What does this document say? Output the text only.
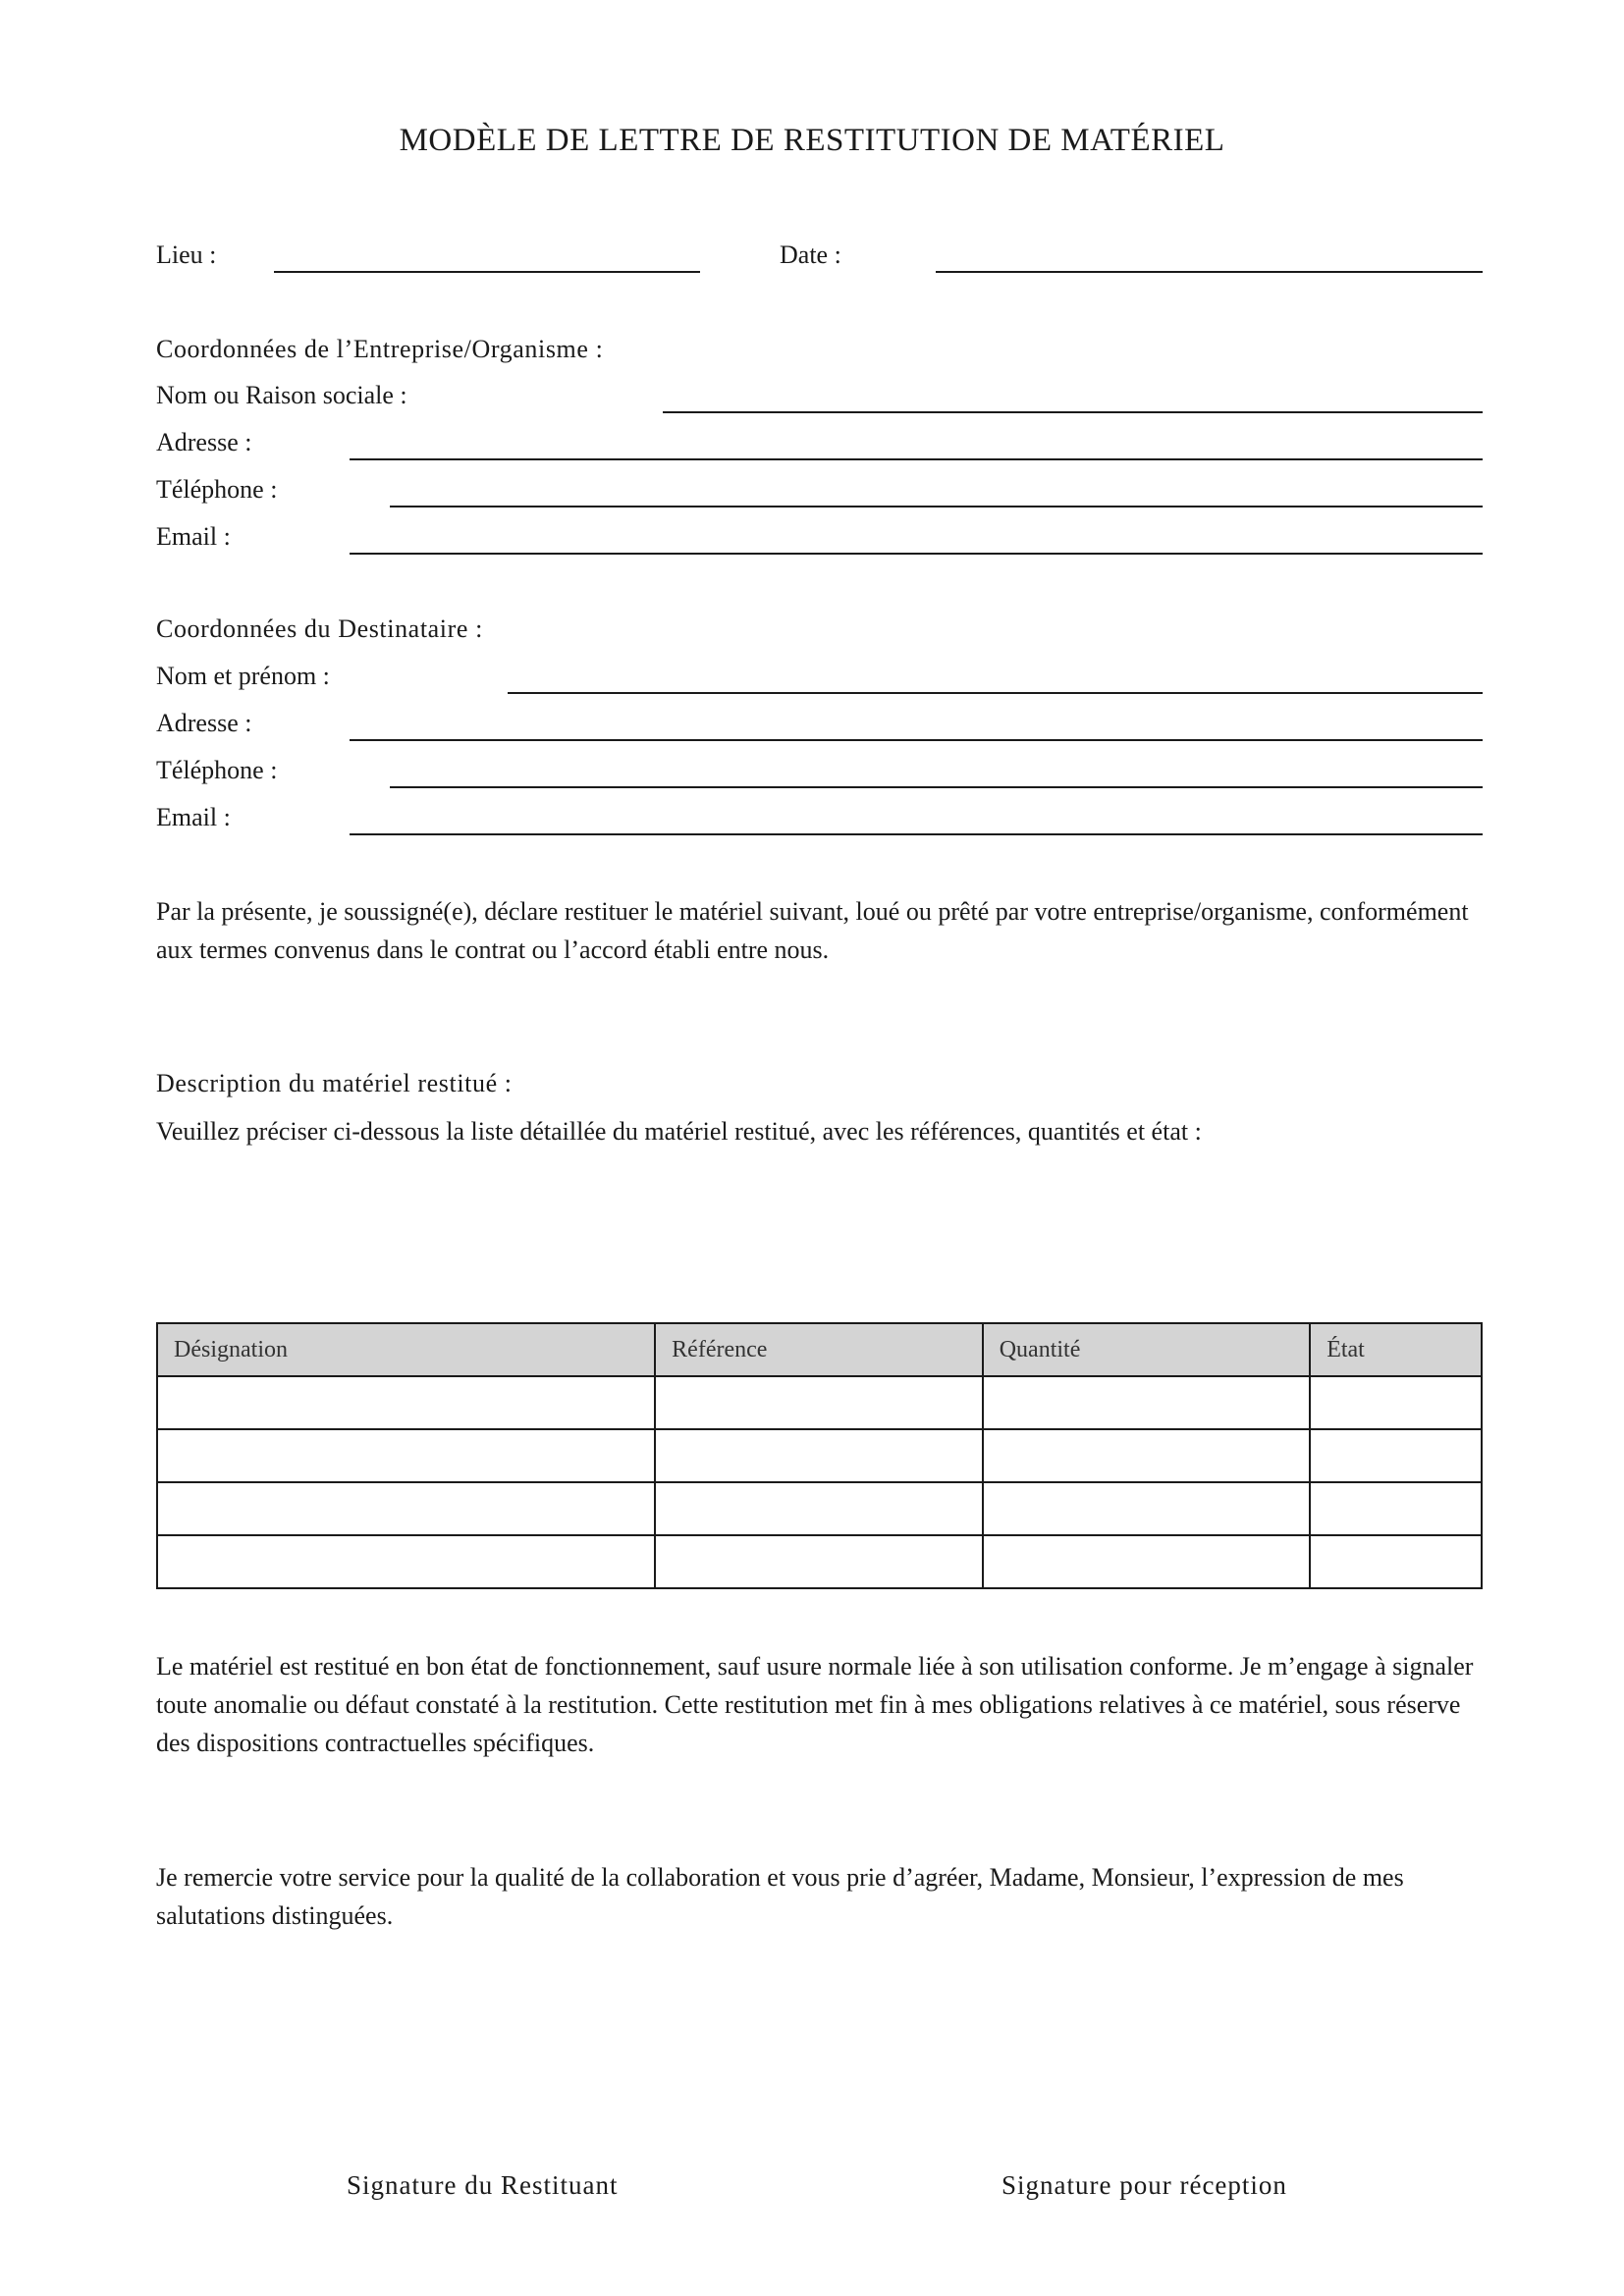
MODÈLE DE LETTRE DE RESTITUTION DE MATÉRIEL
Lieu :	Date :
Coordonnées de l’Entreprise/Organisme :
Nom ou Raison sociale :
Adresse :
Téléphone :
Email :
Coordonnées du Destinataire :
Nom et prénom :
Adresse :
Téléphone :
Email :
Par la présente, je soussigné(e), déclare restituer le matériel suivant, loué ou prêté par votre entreprise/organisme, conformément aux termes convenus dans le contrat ou l’accord établi entre nous.
Description du matériel restitué :
Veuillez préciser ci-dessous la liste détaillée du matériel restitué, avec les références, quantités et état :
Désignation	Référence	Quantité	État

Le matériel est restitué en bon état de fonctionnement, sauf usure normale liée à son utilisation conforme. Je m’engage à signaler toute anomalie ou défaut constaté à la restitution. Cette restitution met fin à mes obligations relatives à ce matériel, sous réserve des dispositions contractuelles spécifiques.
Je remercie votre service pour la qualité de la collaboration et vous prie d’agréer, Madame, Monsieur, l’expression de mes salutations distinguées.
Signature du Restituant	Signature pour réception
